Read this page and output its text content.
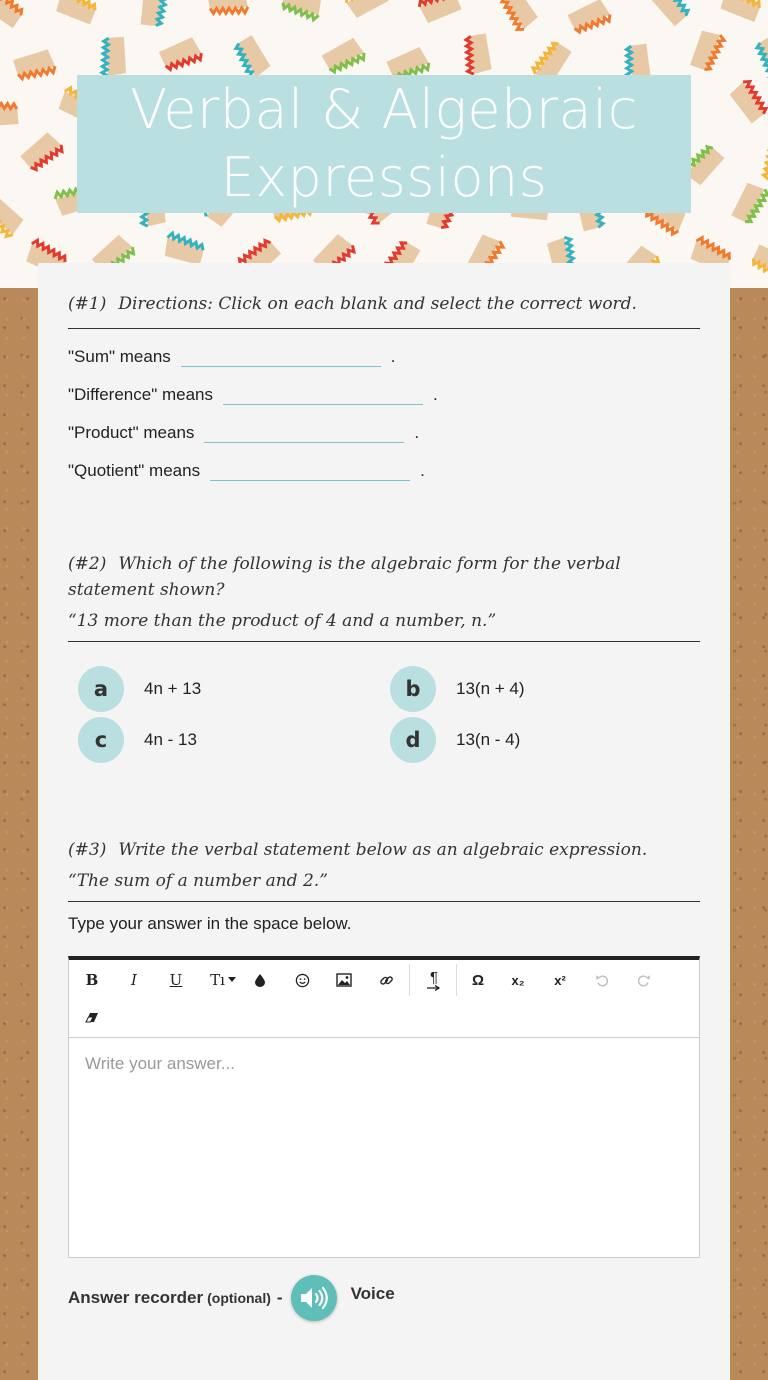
Verbal & Algebraic
Expressions
(#1) Directions: Click on each blank and select the correct word.
"Sum" means	.
"Difference" means	.
"Product" means	.
"Quotient" means	.
(#2) Which of the following is the algebraic form for the verbal statement shown?
“13 more than the product of 4 and a number, n.”
a	4n + 13	b	13(n + 4)
c	4n - 13	d	13(n - 4)
(#3) Write the verbal statement below as an algebraic expression.
“The sum of a number and 2.”
Type your answer in the space below.
B	I	U	Tı	¶	Ω	x₂	x²
Write your answer...
Answer recorder (optional) -	Voice
